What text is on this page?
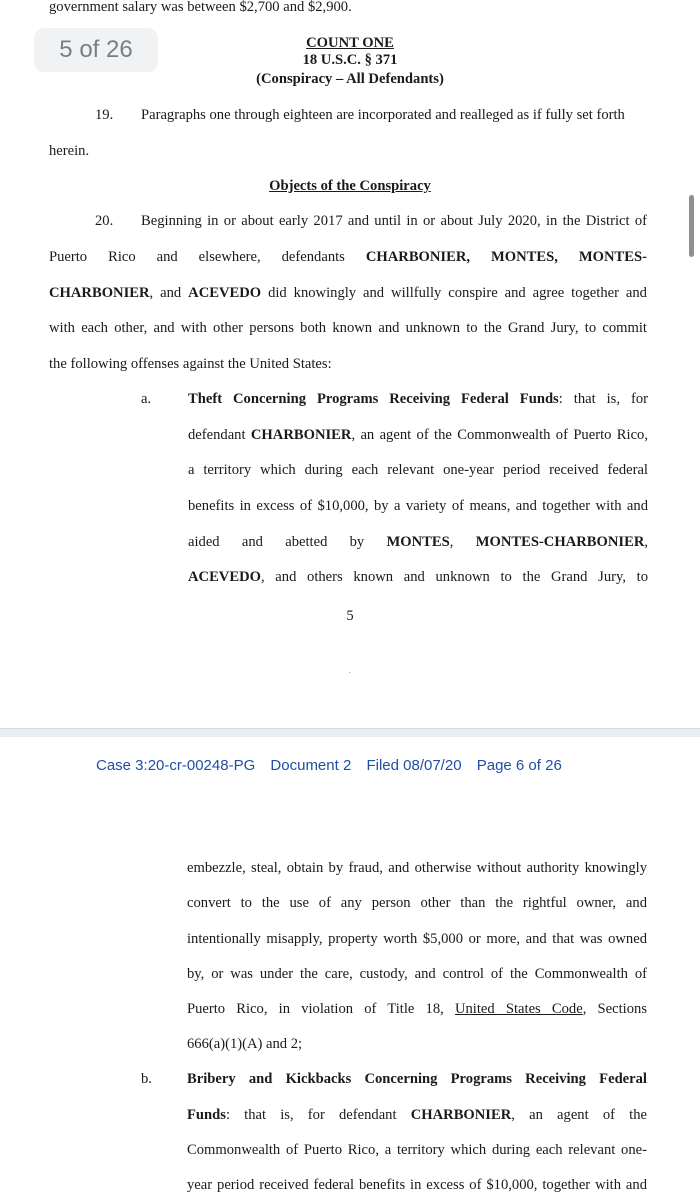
government salary was between $2,700 and $2,900.
5 of 26	COUNT ONE
18 U.S.C. § 371
(Conspiracy – All Defendants)
19. Paragraphs one through eighteen are incorporated and realleged as if fully set forth
herein.
Objects of the Conspiracy
20. Beginning in or about early 2017 and until in or about July 2020, in the District of
Puerto Rico and elsewhere, defendants CHARBONIER, MONTES, MONTES-
CHARBONIER, and ACEVEDO did knowingly and willfully conspire and agree together and
with each other, and with other persons both known and unknown to the Grand Jury, to commit
the following offenses against the United States:
a.	Theft Concerning Programs Receiving Federal Funds: that is, for
defendant CHARBONIER, an agent of the Commonwealth of Puerto Rico,
a territory which during each relevant one-year period received federal
benefits in excess of $10,000, by a variety of means, and together with and
aided and abetted by MONTES, MONTES-CHARBONIER,
ACEVEDO, and others known and unknown to the Grand Jury, to
5
·
Case 3:20-cr-00248-PG Document 2 Filed 08/07/20 Page 6 of 26
embezzle, steal, obtain by fraud, and otherwise without authority knowingly
convert to the use of any person other than the rightful owner, and
intentionally misapply, property worth $5,000 or more, and that was owned
by, or was under the care, custody, and control of the Commonwealth of
Puerto Rico, in violation of Title 18, United States Code, Sections
666(a)(1)(A) and 2;
b. Bribery and Kickbacks Concerning Programs Receiving Federal
Funds: that is, for defendant CHARBONIER, an agent of the
Commonwealth of Puerto Rico, a territory which during each relevant one-
year period received federal benefits in excess of $10,000, together with and
